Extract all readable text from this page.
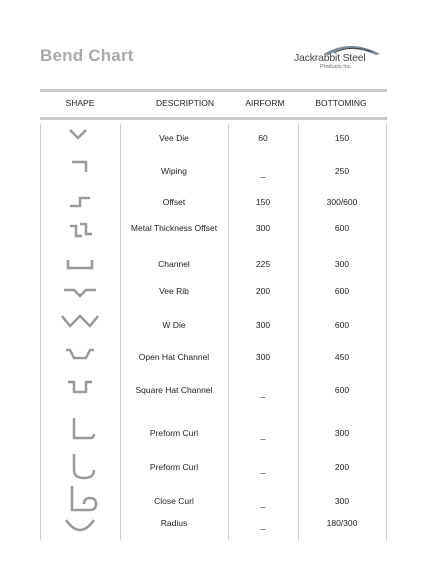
Bend Chart	Jackrabbit Steel
Products Inc.
SHAPE	DESCRIPTION	AIRFORM	BOTTOMING
Vee Die	60	150
Wiping	_	250
Offset	150	300/600
Metal Thickness Offset	300	600
Channel	225	300
Vee Rib	200	600
W Die	300	600
Open Hat Channel	300	450
Square Hat Channel	_	600
Preform Curl	_	300
Preform Curl	_	200
Close Curl	_	300
Radius	_	180/300
